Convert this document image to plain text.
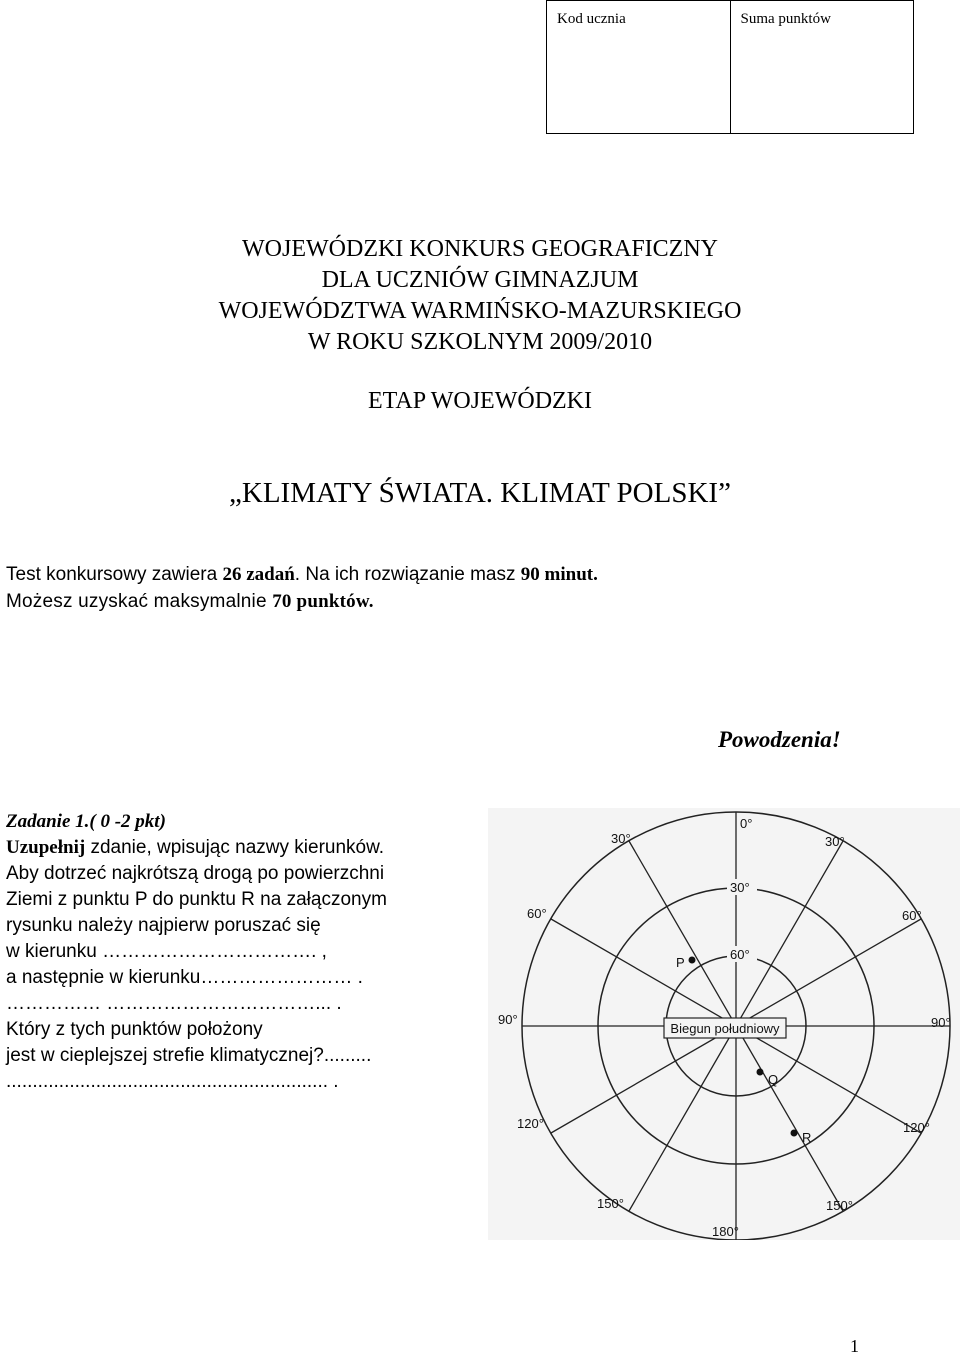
Kod ucznia	Suma punktów
WOJEWÓDZKI KONKURS GEOGRAFICZNY
DLA UCZNIÓW GIMNAZJUM
WOJEWÓDZTWA WARMIŃSKO-MAZURSKIEGO
W ROKU SZKOLNYM 2009/2010
ETAP WOJEWÓDZKI
„KLIMATY ŚWIATA. KLIMAT POLSKI”
Test konkursowy zawiera 26 zadań. Na ich rozwiązanie masz 90 minut.
Możesz uzyskać maksymalnie 70 punktów.
Powodzenia!
Zadanie 1.( 0 -2 pkt)
Uzupełnij zdanie, wpisując nazwy kierunków.
Aby dotrzeć najkrótszą drogą po powierzchni
Ziemi z punktu P do punktu R na załączonym
rysunku należy najpierw poruszać się
w kierunku ……………………………. ,
a następnie w kierunku…………………… .
…………… ……………………………... .
Który z tych punktów położony
jest w cieplejszej strefie klimatycznej?.........
............................................................. .
Biegun południowy
0°
30°	30°
60°	60°
90°	90°
120°	120°
150°	150°
180°
30°
60°
P
Q
R
1
